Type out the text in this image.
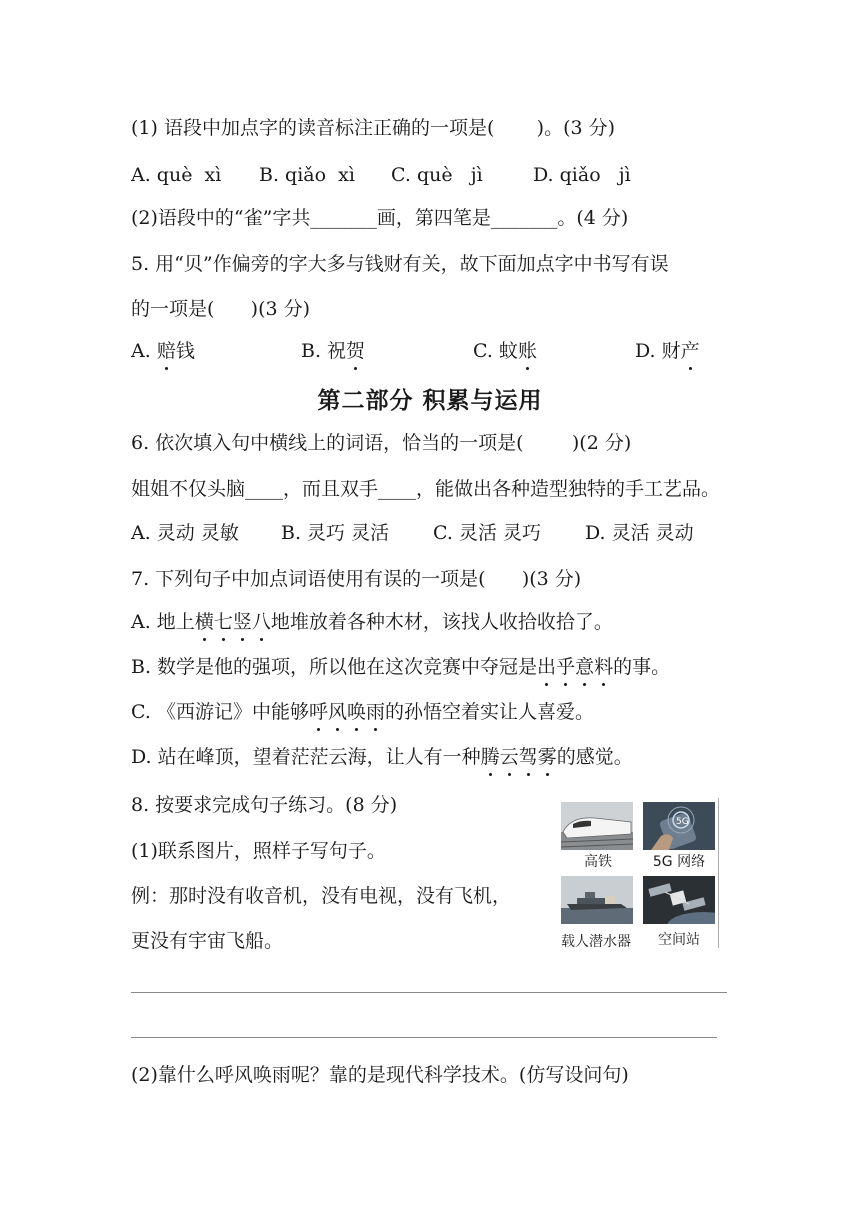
(1) 语段中加点字的读音标注正确的一项是( )。(3 分)
A. què  xì B. qiǎo  xì C. què   jì	D. qiǎo   jì
(2)语段中的“雀”字共_______画，第四笔是_______。(4 分)
5. 用“贝”作偏旁的字大多与钱财有关，故下面加点字中书写有误
的一项是(      )(3 分)
A. 赔钱	B. 祝贺	C. 蚊账	D. 财产
第二部分 积累与运用
6. 依次填入句中横线上的词语，恰当的一项是(        )(2 分)
姐姐不仅头脑____，而且双手____，能做出各种造型独特的手工艺品。
A. 灵动 灵敏 B. 灵巧 灵活 C. 灵活 灵巧 D. 灵活 灵动
7. 下列句子中加点词语使用有误的一项是(      )(3 分)
A. 地上横七竖八地堆放着各种木材，该找人收拾收拾了。
B. 数学是他的强项，所以他在这次竞赛中夺冠是出乎意料的事。
C. 《西游记》中能够呼风唤雨的孙悟空着实让人喜爱。
D. 站在峰顶，望着茫茫云海，让人有一种腾云驾雾的感觉。
8. 按要求完成句子练习。(8 分)
(1)联系图片，照样子写句子。
例：那时没有收音机，没有电视，没有飞机，
更没有宇宙飞船。
5G
高铁	5G 网络
载人潜水器	空间站
(2)靠什么呼风唤雨呢？靠的是现代科学技术。(仿写设问句)
